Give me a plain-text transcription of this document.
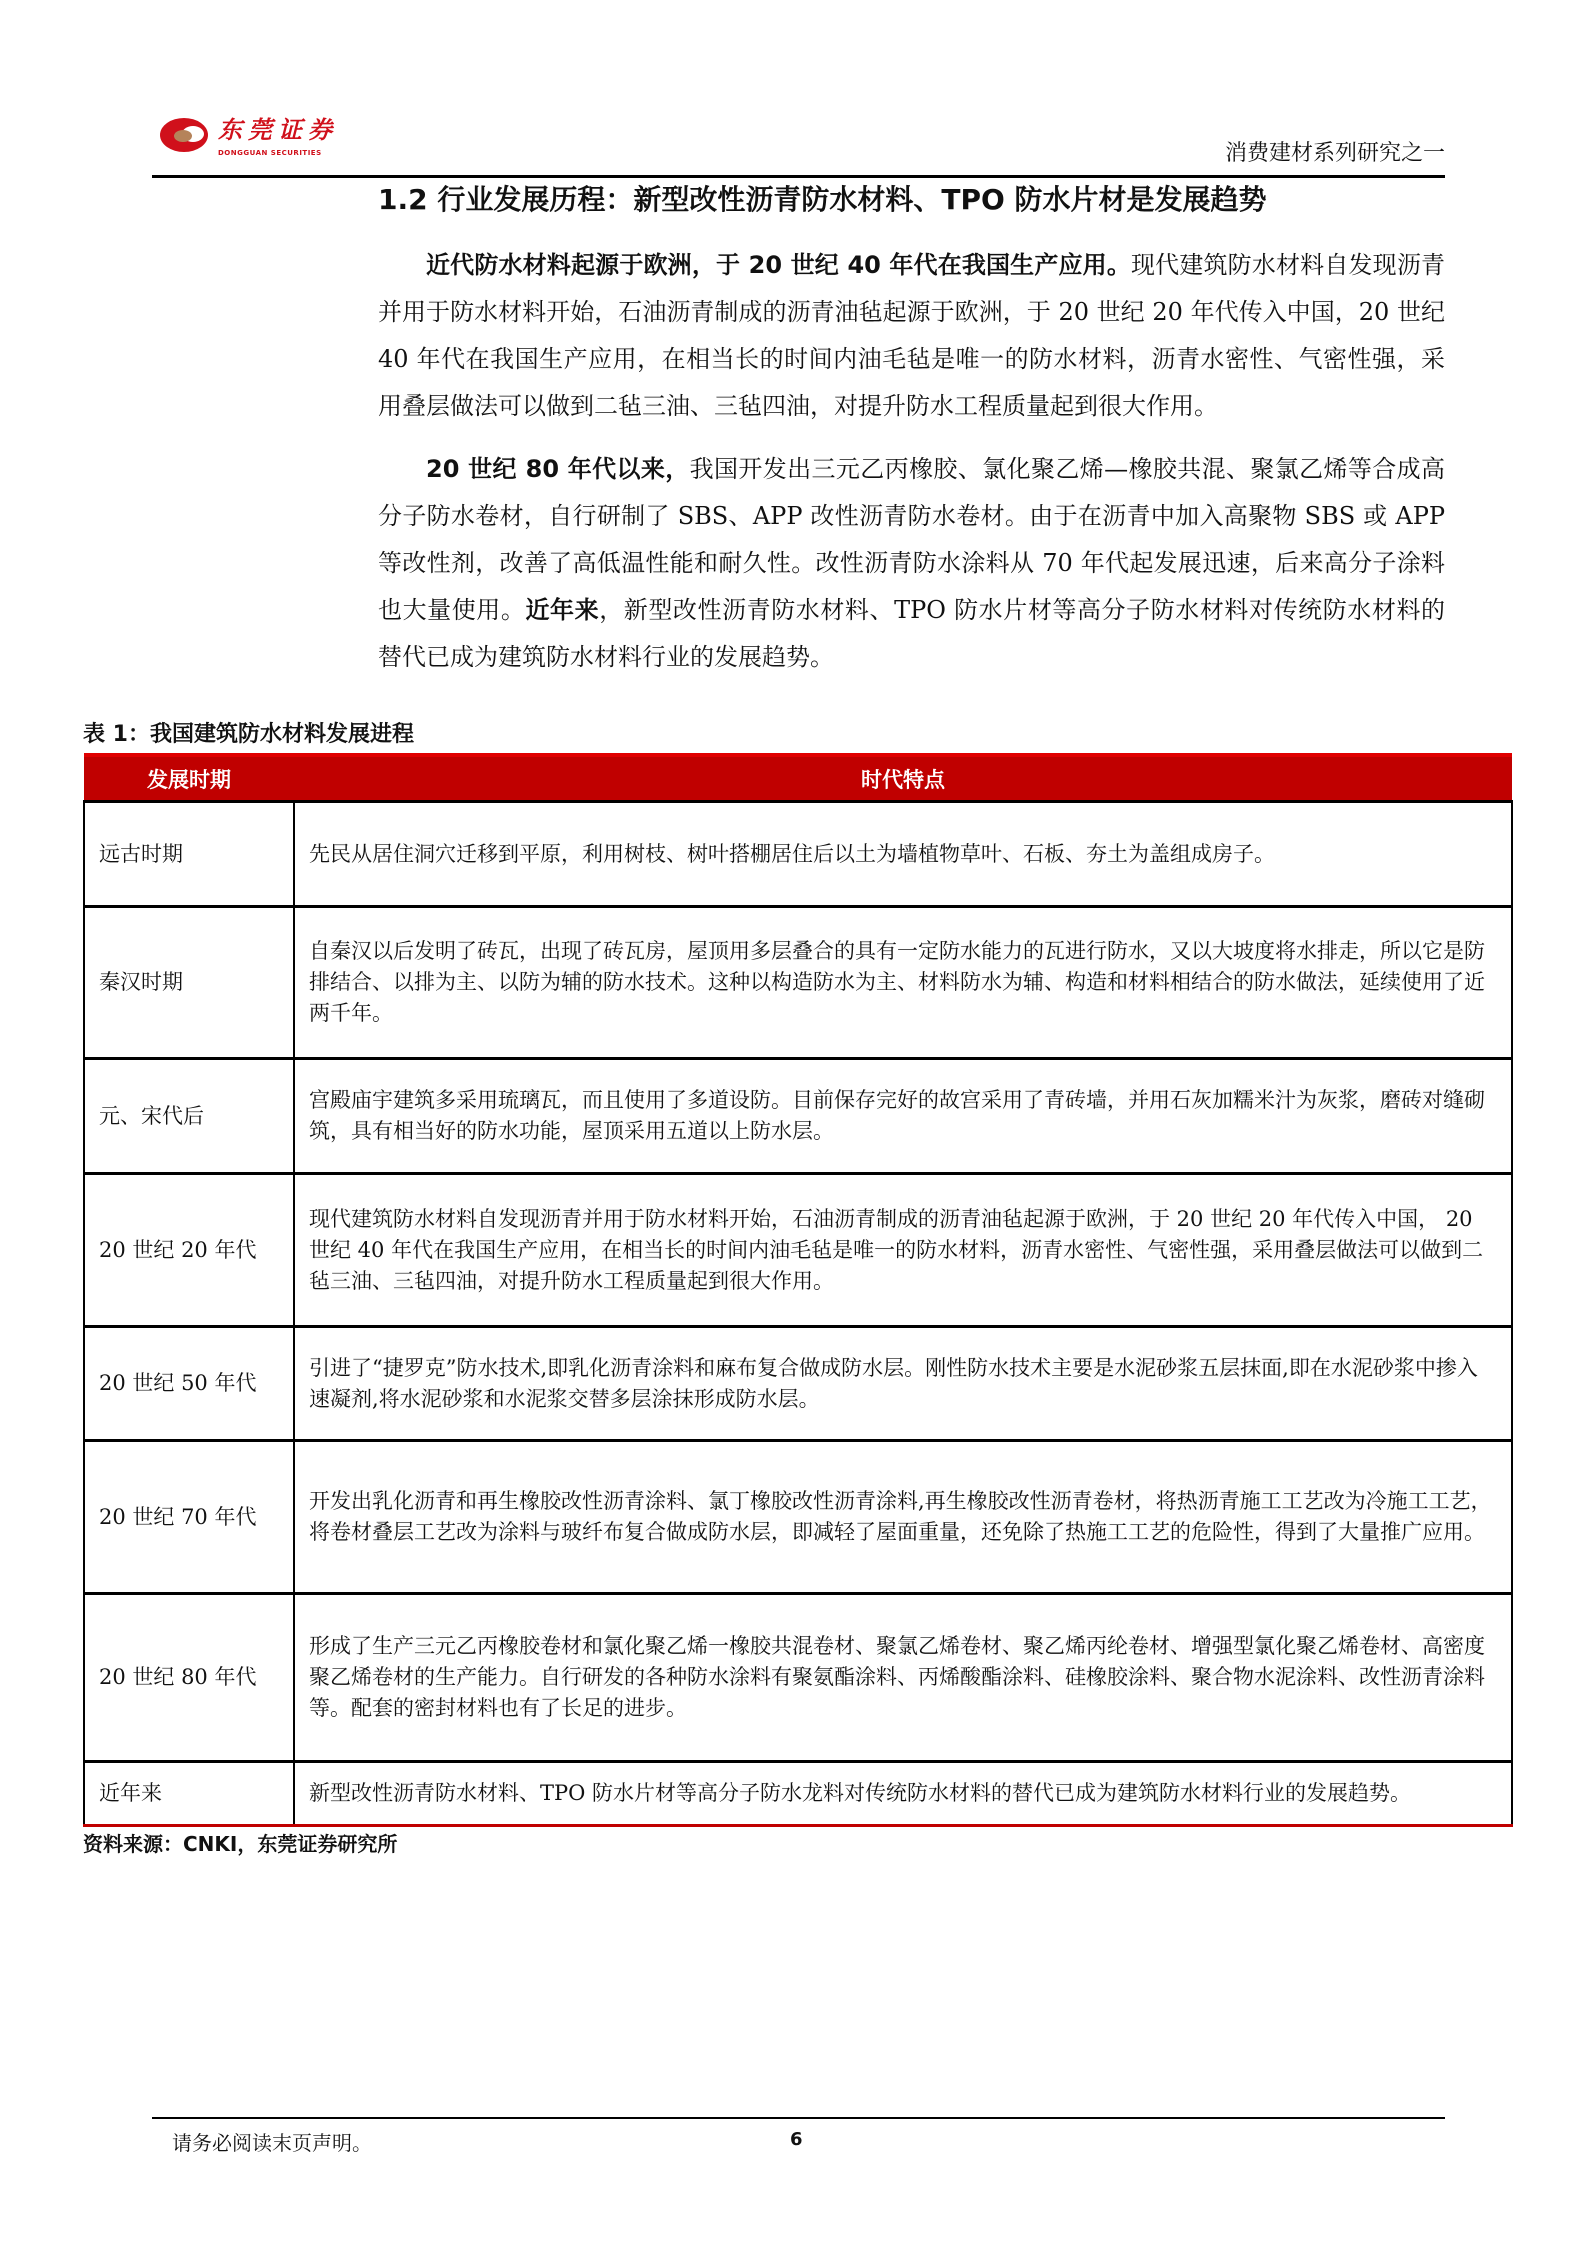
东莞证券
DONGGUAN SECURITIES	消费建材系列研究之一
1.2 行业发展历程：新型改性沥青防水材料、TPO 防水片材是发展趋势
近代防水材料起源于欧洲，于 20 世纪 40 年代在我国生产应用。现代建筑防水材料自发现沥青并用于防水材料开始，石油沥青制成的沥青油毡起源于欧洲，于 20 世纪 20 年代传入中国，20 世纪 40 年代在我国生产应用，在相当长的时间内油毛毡是唯一的防水材料，沥青水密性、气密性强，采用叠层做法可以做到二毡三油、三毡四油，对提升防水工程质量起到很大作用。
20 世纪 80 年代以来，我国开发出三元乙丙橡胶、氯化聚乙烯—橡胶共混、聚氯乙烯等合成高分子防水卷材，自行研制了 SBS、APP 改性沥青防水卷材。由于在沥青中加入高聚物 SBS 或 APP 等改性剂，改善了高低温性能和耐久性。改性沥青防水涂料从 70 年代起发展迅速，后来高分子涂料也大量使用。近年来，新型改性沥青防水材料、TPO 防水片材等高分子防水材料对传统防水材料的替代已成为建筑防水材料行业的发展趋势。
表 1：我国建筑防水材料发展进程
发展时期	时代特点
远古时期	先民从居住洞穴迁移到平原，利用树枝、树叶搭棚居住后以土为墙植物草叶、石板、夯土为盖组成房子。
秦汉时期	自秦汉以后发明了砖瓦，出现了砖瓦房，屋顶用多层叠合的具有一定防水能力的瓦进行防水，又以大坡度将水排走，所以它是防排结合、以排为主、以防为辅的防水技术。这种以构造防水为主、材料防水为辅、构造和材料相结合的防水做法，延续使用了近两千年。
元、宋代后	宫殿庙宇建筑多采用琉璃瓦，而且使用了多道设防。目前保存完好的故宫采用了青砖墙，并用石灰加糯米汁为灰浆，磨砖对缝砌筑，具有相当好的防水功能，屋顶采用五道以上防水层。
20 世纪 20 年代	现代建筑防水材料自发现沥青并用于防水材料开始，石油沥青制成的沥青油毡起源于欧洲，于 20 世纪 20 年代传入中国， 20 世纪 40 年代在我国生产应用，在相当长的时间内油毛毡是唯一的防水材料，沥青水密性、气密性强，采用叠层做法可以做到二毡三油、三毡四油，对提升防水工程质量起到很大作用。
20 世纪 50 年代	引进了“捷罗克”防水技术,即乳化沥青涂料和麻布复合做成防水层。刚性防水技术主要是水泥砂浆五层抹面,即在水泥砂浆中掺入速凝剂,将水泥砂浆和水泥浆交替多层涂抹形成防水层。
20 世纪 70 年代	开发出乳化沥青和再生橡胶改性沥青涂料、氯丁橡胶改性沥青涂料,再生橡胶改性沥青卷材，将热沥青施工工艺改为冷施工工艺，将卷材叠层工艺改为涂料与玻纤布复合做成防水层，即减轻了屋面重量，还免除了热施工工艺的危险性，得到了大量推广应用。
20 世纪 80 年代	形成了生产三元乙丙橡胶卷材和氯化聚乙烯一橡胶共混卷材、聚氯乙烯卷材、聚乙烯丙纶卷材、增强型氯化聚乙烯卷材、高密度聚乙烯卷材的生产能力。自行研发的各种防水涂料有聚氨酯涂料、丙烯酸酯涂料、硅橡胶涂料、聚合物水泥涂料、改性沥青涂料等。配套的密封材料也有了长足的进步。
近年来	新型改性沥青防水材料、TPO 防水片材等高分子防水龙料对传统防水材料的替代已成为建筑防水材料行业的发展趋势。
资料来源：CNKI，东莞证券研究所
请务必阅读末页声明。	6
